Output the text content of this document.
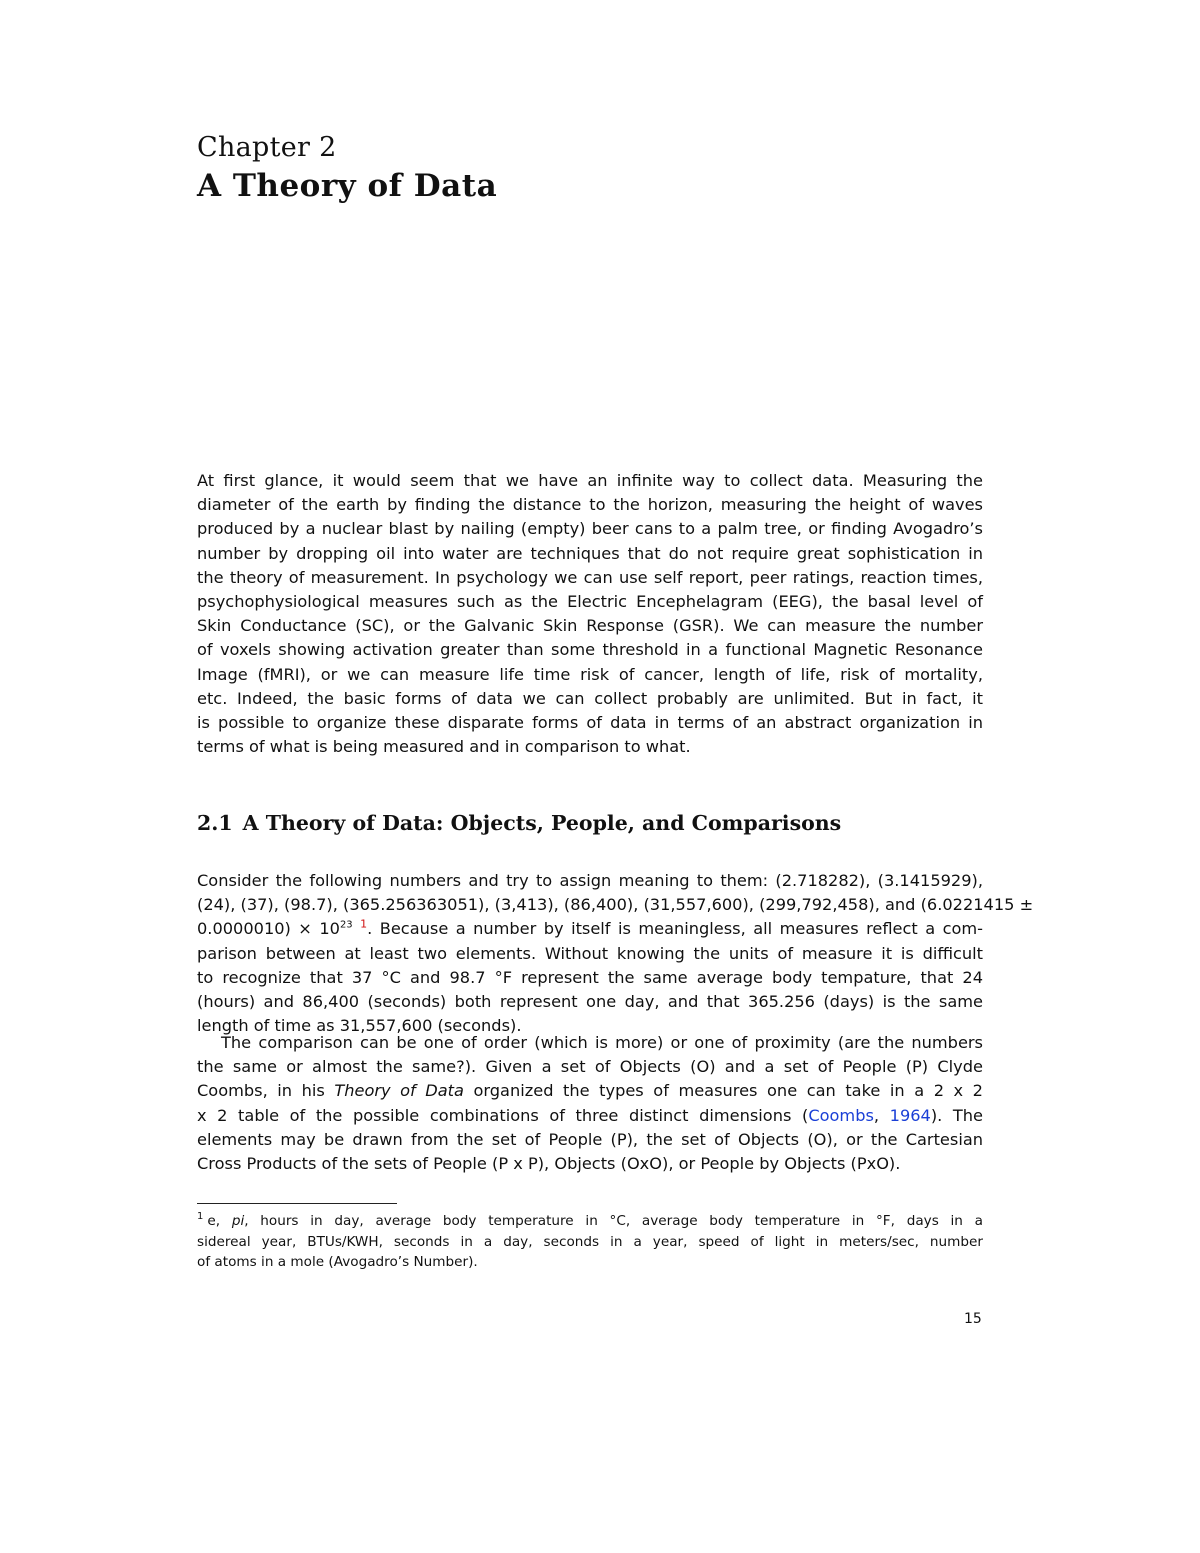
Chapter 2
A Theory of Data
At first glance, it would seem that we have an infinite way to collect data. Measuring the
diameter of the earth by finding the distance to the horizon, measuring the height of waves
produced by a nuclear blast by nailing (empty) beer cans to a palm tree, or finding Avogadro’s
number by dropping oil into water are techniques that do not require great sophistication in
the theory of measurement. In psychology we can use self report, peer ratings, reaction times,
psychophysiological measures such as the Electric Encephelagram (EEG), the basal level of
Skin Conductance (SC), or the Galvanic Skin Response (GSR). We can measure the number
of voxels showing activation greater than some threshold in a functional Magnetic Resonance
Image (fMRI), or we can measure life time risk of cancer, length of life, risk of mortality,
etc. Indeed, the basic forms of data we can collect probably are unlimited. But in fact, it
is possible to organize these disparate forms of data in terms of an abstract organization in
terms of what is being measured and in comparison to what.
2.1 A Theory of Data: Objects, People, and Comparisons
Consider the following numbers and try to assign meaning to them: (2.718282), (3.1415929),
(24), (37), (98.7), (365.256363051), (3,413), (86,400), (31,557,600), (299,792,458), and (6.0221415 ±
$0.0000010) \times 10^{23}$ $^1$. Because a number by itself is meaningless, all measures reflect a com-
parison between at least two elements. Without knowing the units of measure it is difficult
to recognize that 37 °C and 98.7 °F represent the same average body tempature, that 24
(hours) and 86,400 (seconds) both represent one day, and that 365.256 (days) is the same
length of time as 31,557,600 (seconds).
The comparison can be one of order (which is more) or one of proximity (are the numbers
the same or almost the same?). Given a set of Objects (O) and a set of People (P) Clyde
Coombs, in his Theory of Data organized the types of measures one can take in a 2 x 2
x 2 table of the possible combinations of three distinct dimensions (Coombs, 1964). The
elements may be drawn from the set of People (P), the set of Objects (O), or the Cartesian
Cross Products of the sets of People (P x P), Objects (OxO), or People by Objects (PxO).
$^1$ e, pi, hours in day, average body temperature in °C, average body temperature in °F, days in a
sidereal year, BTUs/KWH, seconds in a day, seconds in a year, speed of light in meters/sec, number
of atoms in a mole (Avogadro’s Number).
15
